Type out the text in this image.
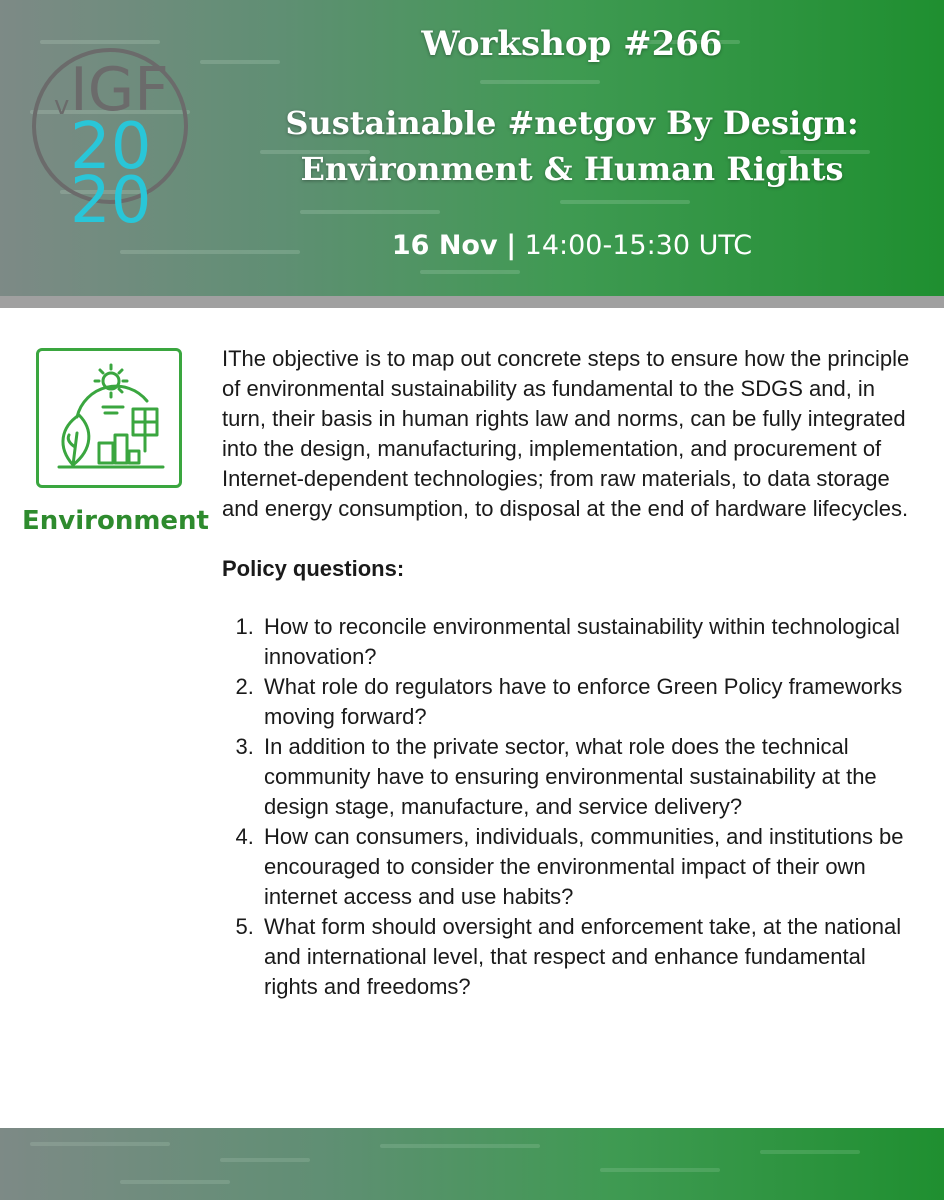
v IGF
20
20
Workshop #266
Sustainable #netgov By Design:
Environment & Human Rights
16 Nov | 14:00-15:30 UTC
Environment

IThe objective is to map out concrete steps to ensure how the principle of environmental sustainability as fundamental to the SDGS and, in turn, their basis in human rights law and norms, can be fully integrated into the design, manufacturing, implementation, and procurement of Internet-dependent technologies; from raw materials, to data storage and energy consumption, to disposal at the end of hardware lifecycles.

Policy questions:

1. How to reconcile environmental sustainability within technological innovation?
2. What role do regulators have to enforce Green Policy frameworks moving forward?
3. In addition to the private sector, what role does the technical community have to ensuring environmental sustainability at the design stage, manufacture, and service delivery?
4. How can consumers, individuals, communities, and institutions be encouraged to consider the environmental impact of their own internet access and use habits?
5. What form should oversight and enforcement take, at the national and international level, that respect and enhance fundamental rights and freedoms?
